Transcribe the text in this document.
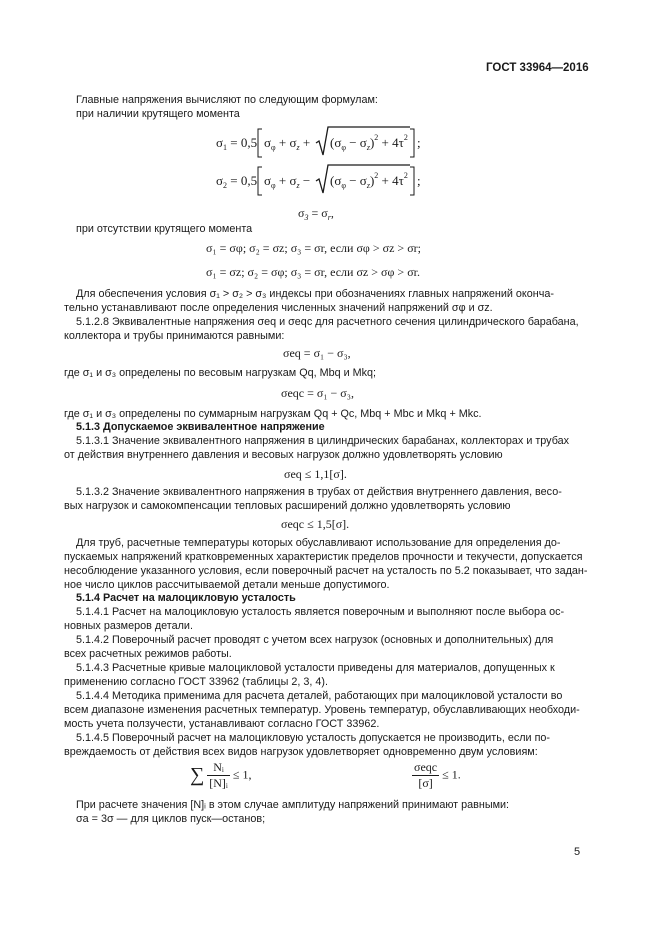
ГОСТ 33964—2016
Главные напряжения вычисляют по следующим формулам:
при наличии крутящего момента
$\sigma_1 = 0,5$ $\sigma_\varphi + \sigma_z + (\sigma_\varphi - \sigma_z)^2 + 4\tau^2$ ;
$\sigma_2 = 0,5$ $\sigma_\varphi + \sigma_z - (\sigma_\varphi - \sigma_z)^2 + 4\tau^2$ ;
$\sigma_3 = \sigma_r$,
при отсутствии крутящего момента
σ₁ = σφ; σ₂ = σz; σ₃ = σr, если σφ > σz > σr;
σ₁ = σz; σ₂ = σφ; σ₃ = σr, если σz > σφ > σr.
Для обеспечения условия σ₁ > σ₂ > σ₃ индексы при обозначениях главных напряжений оконча-
тельно устанавливают после определения численных значений напряжений σφ и σz.
5.1.2.8 Эквивалентные напряжения σeq и σeqc для расчетного сечения цилиндрического барабана,
коллектора и трубы принимаются равными:
σeq = σ₁ − σ₃,
где σ₁ и σ₃ определены по весовым нагрузкам Qq, Mbq и Mkq;
σeqc = σ₁ − σ₃,
где σ₁ и σ₃ определены по суммарным нагрузкам Qq + Qc, Mbq + Mbc и Mkq + Mkc.
5.1.3 Допускаемое эквивалентное напряжение
5.1.3.1 Значение эквивалентного напряжения в цилиндрических барабанах, коллекторах и трубах
от действия внутреннего давления и весовых нагрузок должно удовлетворять условию
σeq ≤ 1,1[σ].
5.1.3.2 Значение эквивалентного напряжения в трубах от действия внутреннего давления, весо-
вых нагрузок и самокомпенсации тепловых расширений должно удовлетворять условию
σeqc ≤ 1,5[σ].
Для труб, расчетные температуры которых обуславливают использование для определения до-
пускаемых напряжений кратковременных характеристик пределов прочности и текучести, допускается
несоблюдение указанного условия, если поверочный расчет на усталость по 5.2 показывает, что задан-
ное число циклов рассчитываемой детали меньше допустимого.
5.1.4 Расчет на малоцикловую усталость
5.1.4.1 Расчет на малоцикловую усталость является поверочным и выполняют после выбора ос-
новных размеров детали.
5.1.4.2 Поверочный расчет проводят с учетом всех нагрузок (основных и дополнительных) для
всех расчетных режимов работы.
5.1.4.3 Расчетные кривые малоцикловой усталости приведены для материалов, допущенных к
применению согласно ГОСТ 33962 (таблицы 2, 3, 4).
5.1.4.4 Методика применима для расчета деталей, работающих при малоцикловой усталости во
всем диапазоне изменения расчетных температур. Уровень температур, обуславливающих необходи-
мость учета ползучести, устанавливают согласно ГОСТ 33962.
5.1.4.5 Поверочный расчет на малоцикловую усталость допускается не производить, если по-
вреждаемость от действия всех видов нагрузок удовлетворяет одновременно двум условиям:
∑ $\frac{\text{Nᵢ}}{\text{[N]ᵢ}} \le 1$,	$\frac{\text{σeqc}}{[\sigma]} \le 1$.
При расчете значения [N]ᵢ в этом случае амплитуду напряжений принимают равными:
σa = 3σ — для циклов пуск—останов;
5
